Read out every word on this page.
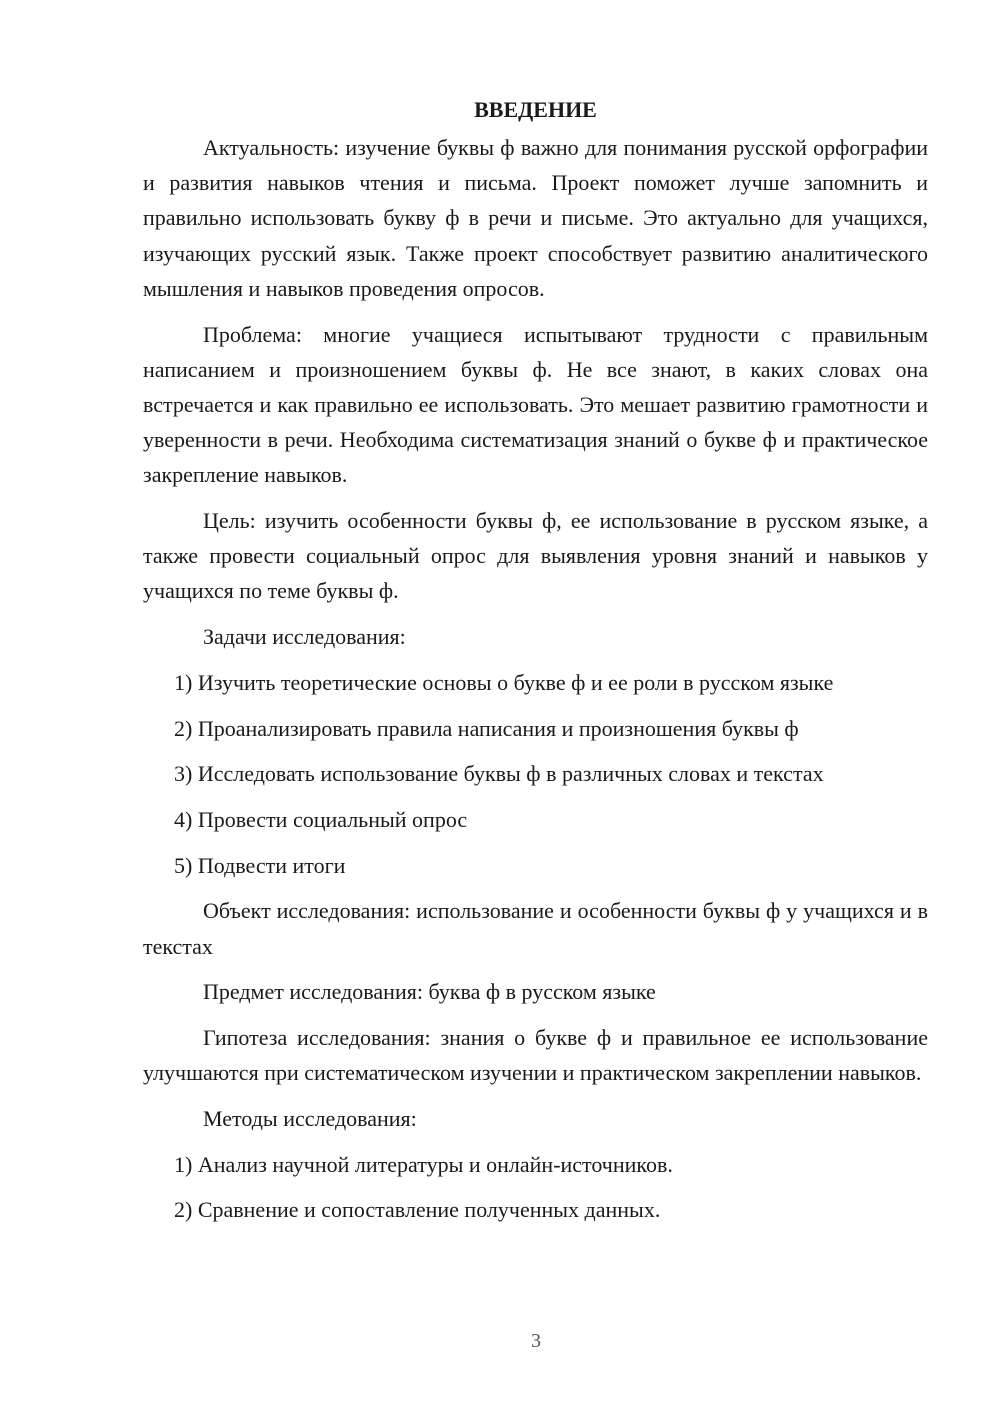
ВВЕДЕНИЕ

Актуальность: изучение буквы ф важно для понимания русской орфографии и развития навыков чтения и письма. Проект поможет лучше запомнить и правильно использовать букву ф в речи и письме. Это актуально для учащихся, изучающих русский язык. Также проект способствует развитию аналитического мышления и навыков проведения опросов.

Проблема: многие учащиеся испытывают трудности с правильным написанием и произношением буквы ф. Не все знают, в каких словах она встречается и как правильно ее использовать. Это мешает развитию грамотности и уверенности в речи. Необходима систематизация знаний о букве ф и практическое закрепление навыков.

Цель: изучить особенности буквы ф, ее использование в русском языке, а также провести социальный опрос для выявления уровня знаний и навыков у учащихся по теме буквы ф.

Задачи исследования:

1) Изучить теоретические основы о букве ф и ее роли в русском языке

2) Проанализировать правила написания и произношения буквы ф

3) Исследовать использование буквы ф в различных словах и текстах

4) Провести социальный опрос

5) Подвести итоги

Объект исследования: использование и особенности буквы ф у учащихся и в текстах

Предмет исследования: буква ф в русском языке

Гипотеза исследования: знания о букве ф и правильное ее использование улучшаются при систематическом изучении и практическом закреплении навыков.

Методы исследования:

1) Анализ научной литературы и онлайн-источников.

2) Сравнение и сопоставление полученных данных.

3
